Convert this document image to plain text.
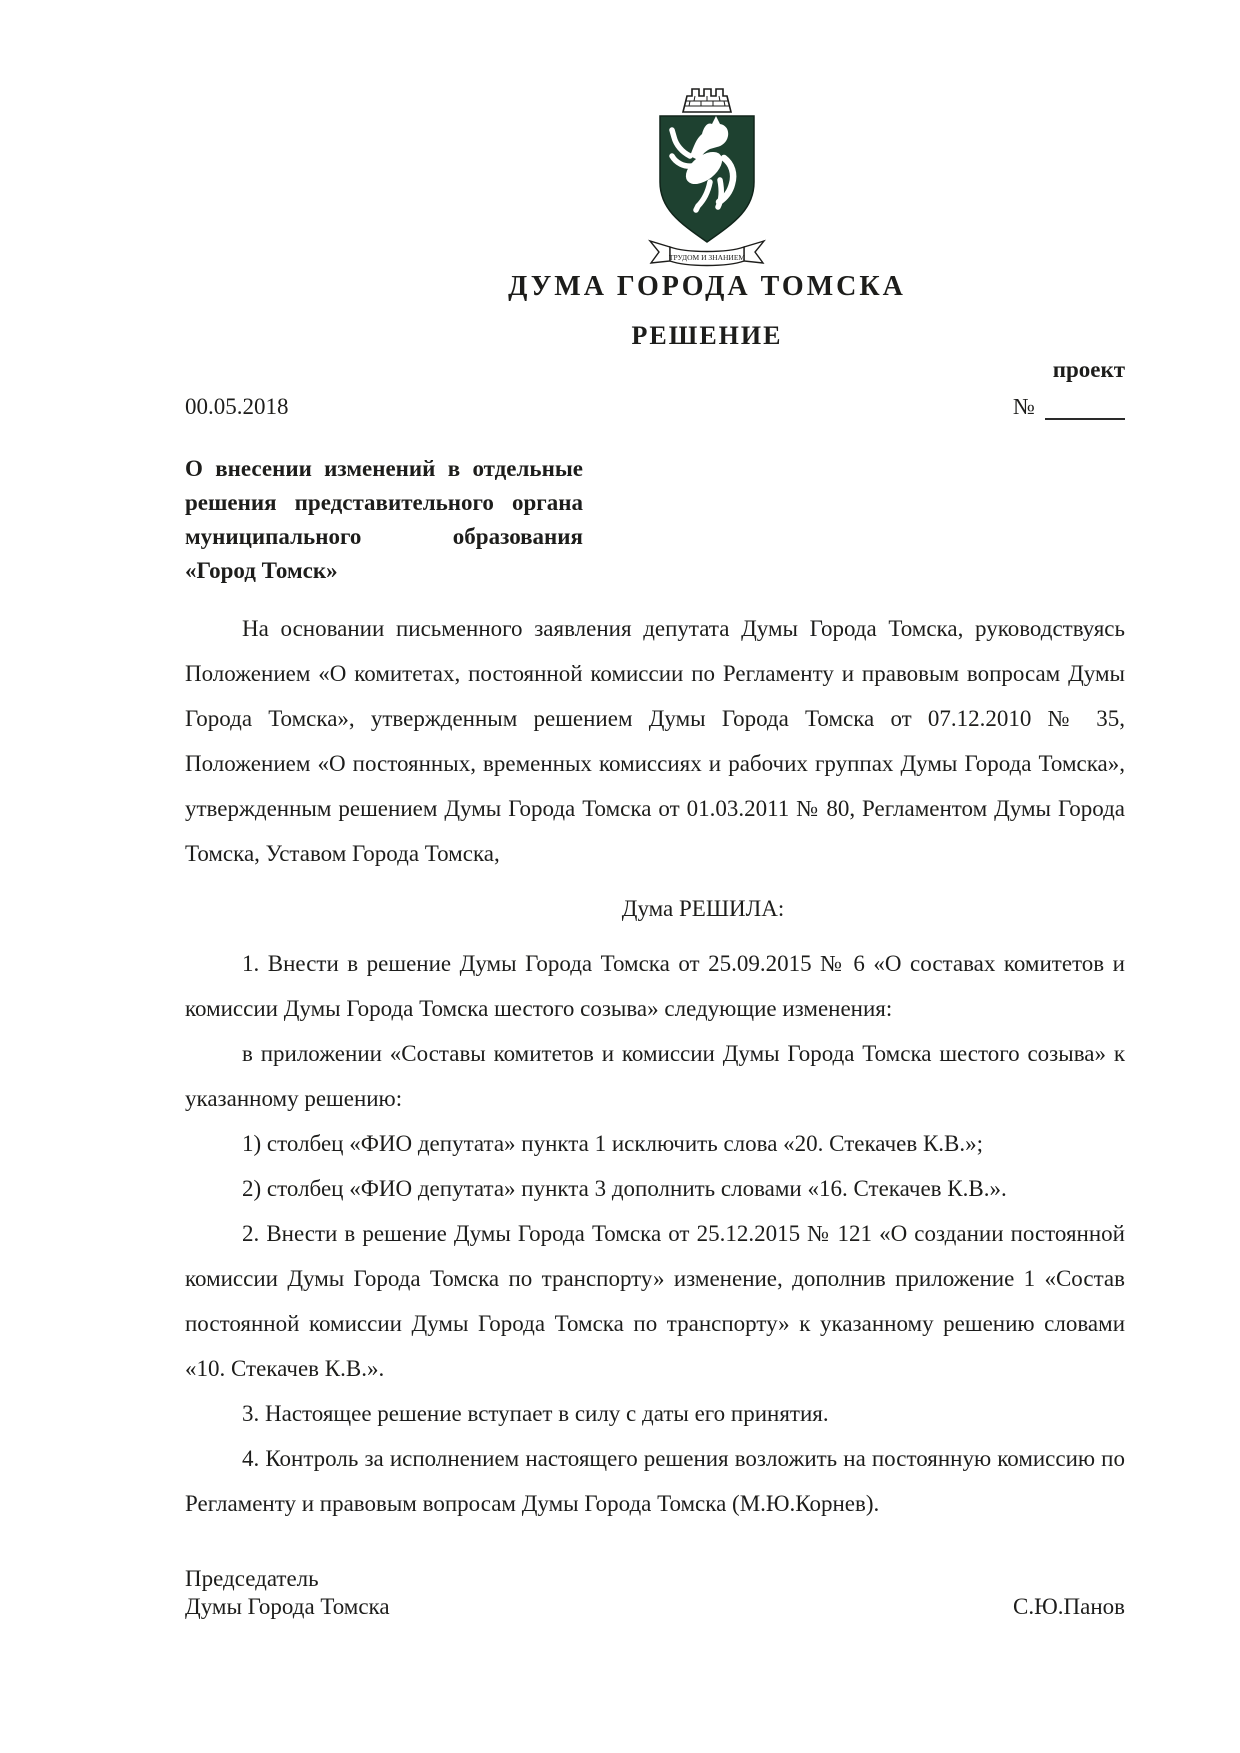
ТРУДОМ И ЗНАНИЕМ
ДУМА ГОРОДА ТОМСКА
РЕШЕНИЕ
проект
00.05.2018	№
О внесении изменений в отдельные
решения представительного органа
муниципального образования
«Город Томск»

На основании письменного заявления депутата Думы Города Томска, руководствуясь Положением «О комитетах, постоянной комиссии по Регламенту и правовым вопросам Думы Города Томска», утвержденным решением Думы Города Томска от 07.12.2010 № 35, Положением «О постоянных, временных комиссиях и рабочих группах Думы Города Томска», утвержденным решением Думы Города Томска от 01.03.2011 № 80, Регламентом Думы Города Томска, Уставом Города Томска,

Дума РЕШИЛА:

1. Внести в решение Думы Города Томска от 25.09.2015 № 6 «О составах комитетов и комиссии Думы Города Томска шестого созыва» следующие изменения:

в приложении «Составы комитетов и комиссии Думы Города Томска шестого созыва» к указанному решению:

1) столбец «ФИО депутата» пункта 1 исключить слова «20. Стекачев К.В.»;

2) столбец «ФИО депутата» пункта 3 дополнить словами «16. Стекачев К.В.».

2. Внести в решение Думы Города Томска от 25.12.2015 № 121 «О создании постоянной комиссии Думы Города Томска по транспорту» изменение, дополнив приложение 1 «Состав постоянной комиссии Думы Города Томска по транспорту» к указанному решению словами «10. Стекачев К.В.».

3. Настоящее решение вступает в силу с даты его принятия.

4. Контроль за исполнением настоящего решения возложить на постоянную комиссию по Регламенту и правовым вопросам Думы Города Томска (М.Ю.Корнев).

Председатель
Думы Города Томска	С.Ю.Панов
